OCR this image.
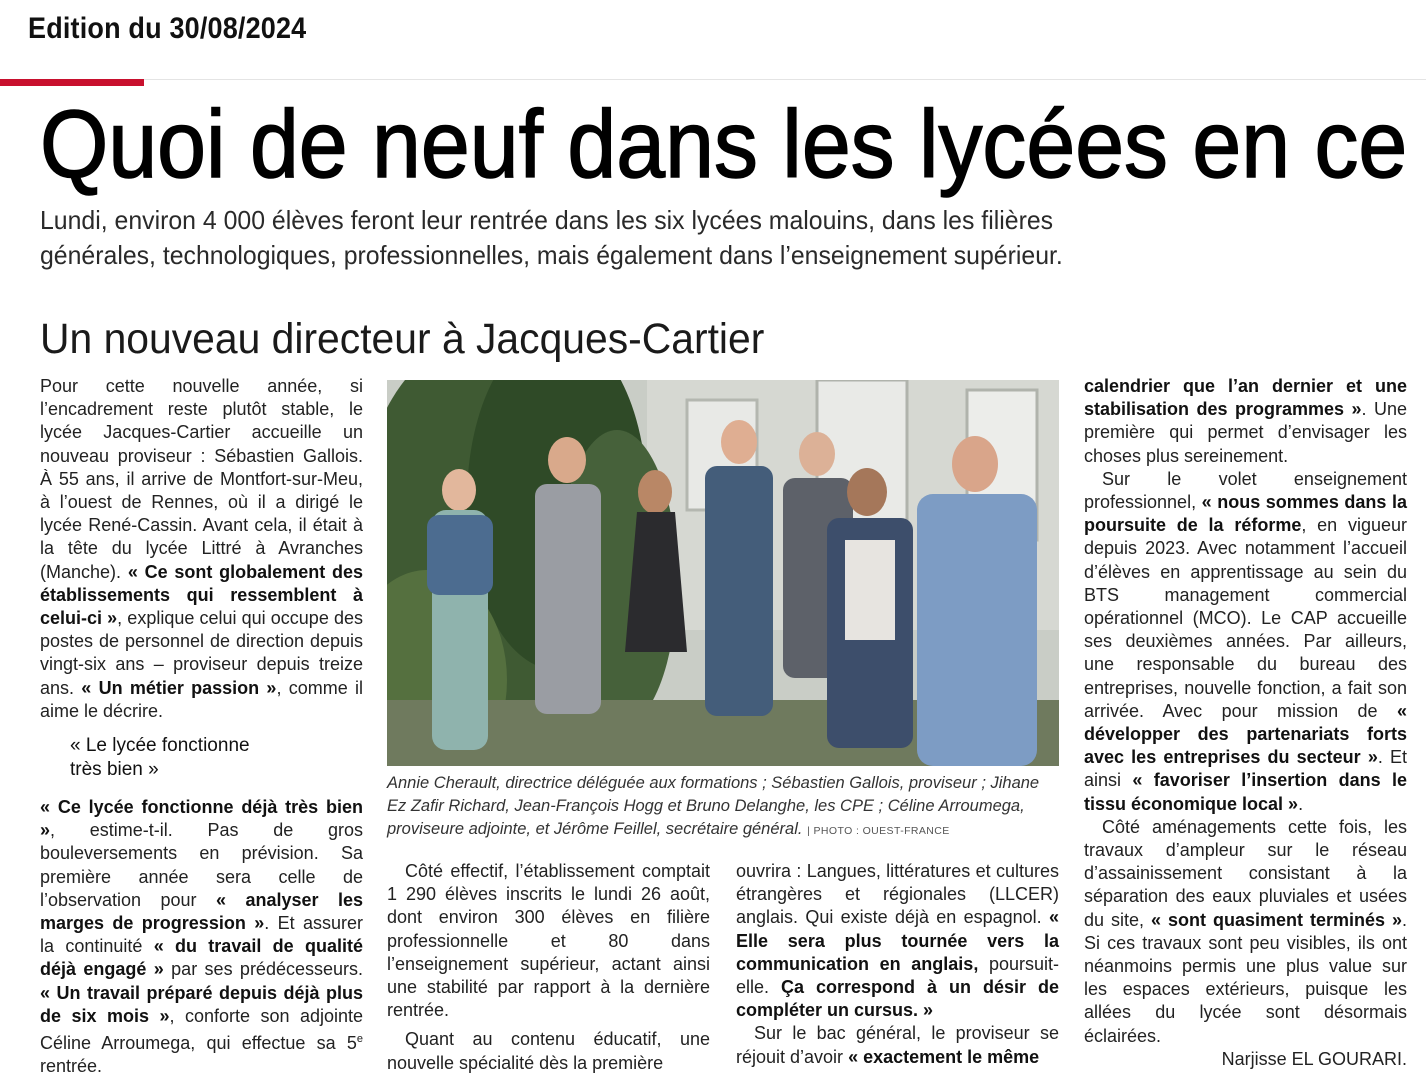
Edition du 30/08/2024
Quoi de neuf dans les lycées en ce

Lundi, environ 4 000 élèves feront leur rentrée dans les six lycées malouins, dans les filières

générales, technologiques, professionnelles, mais également dans l’enseignement supérieur.

Un nouveau directeur à Jacques-Cartier

Pour cette nouvelle année, si l’encadrement reste plutôt stable, le lycée Jacques-Cartier accueille un nouveau proviseur : Sébastien Gallois. À 55 ans, il arrive de Montfort-sur-Meu, à l’ouest de Rennes, où il a dirigé le lycée René-Cassin. Avant cela, il était à la tête du lycée Littré à Avranches (Manche). « Ce sont globalement des établissements qui ressemblent à celui-ci », explique celui qui occupe des postes de personnel de direction depuis vingt-six ans – proviseur depuis treize ans. « Un métier passion », comme il aime le décrire.

« Le lycée fonctionne
très bien »

« Ce lycée fonctionne déjà très bien », estime-t-il. Pas de gros bouleversements en prévision. Sa première année sera celle de l’observation pour « analyser les marges de progression ». Et assurer la continuité « du travail de qualité déjà engagé » par ses prédécesseurs. « Un travail préparé depuis déjà plus de six mois », conforte son adjointe Céline Arroumega, qui effectue sa 5e rentrée.

Annie Cherault, directrice déléguée aux formations ; Sébastien Gallois, proviseur ; Jihane Ez Zafir Richard, Jean-François Hogg et Bruno Delanghe, les CPE ; Céline Arroumega, proviseure adjointe, et Jérôme Feillel, secrétaire général. | PHOTO : OUEST-FRANCE

Côté effectif, l’établissement comptait 1 290 élèves inscrits le lundi 26 août, dont environ 300 élèves en filière professionnelle et 80 dans l’enseignement supérieur, actant ainsi une stabilité par rapport à la dernière rentrée.

Quant au contenu éducatif, une nouvelle spécialité dès la première

ouvrira : Langues, littératures et cultures étrangères et régionales (LLCER) anglais. Qui existe déjà en espagnol. « Elle sera plus tournée vers la communication en anglais, poursuit-elle. Ça correspond à un désir de compléter un cursus. »

Sur le bac général, le proviseur se réjouit d’avoir « exactement le même

calendrier que l’an dernier et une stabilisation des programmes ». Une première qui permet d’envisager les choses plus sereinement.

Sur le volet enseignement professionnel, « nous sommes dans la poursuite de la réforme, en vigueur depuis 2023. Avec notamment l’accueil d’élèves en apprentissage au sein du BTS management commercial opérationnel (MCO). Le CAP accueille ses deuxièmes années. Par ailleurs, une responsable du bureau des entreprises, nouvelle fonction, a fait son arrivée. Avec pour mission de « développer des partenariats forts avec les entreprises du secteur ». Et ainsi « favoriser l’insertion dans le tissu économique local ».

Côté aménagements cette fois, les travaux d’ampleur sur le réseau d’assainissement consistant à la séparation des eaux pluviales et usées du site, « sont quasiment terminés ». Si ces travaux sont peu visibles, ils ont néanmoins permis une plus value sur les espaces extérieurs, puisque les allées du lycée sont désormais éclairées.

Narjisse EL GOURARI.
